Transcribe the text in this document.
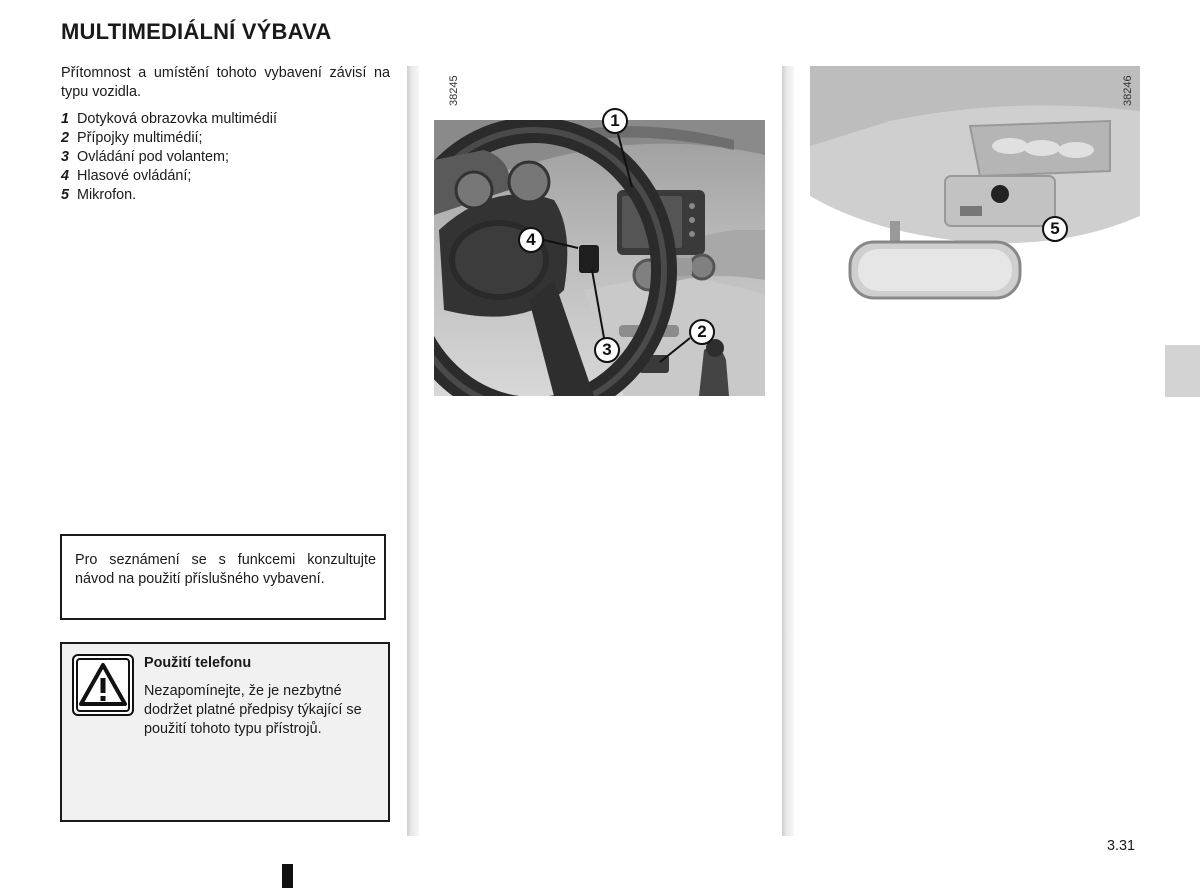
MULTIMEDIÁLNÍ VÝBAVA

Přítomnost a umístění tohoto vybavení závisí na typu vozidla.

1 Dotyková obrazovka multimédií
2 Přípojky multimédií;
3 Ovládání pod volantem;
4 Hlasové ovládání;
5 Mikrofon.

Pro seznámení se s funkcemi konzultujte návod na použití příslušného vybavení.

Použití telefonu

Nezapomínejte, že je nezbytné dodržet platné předpisy týkající se použití tohoto typu přístrojů.

38245
1
4
2
3
38246
5

3.31
